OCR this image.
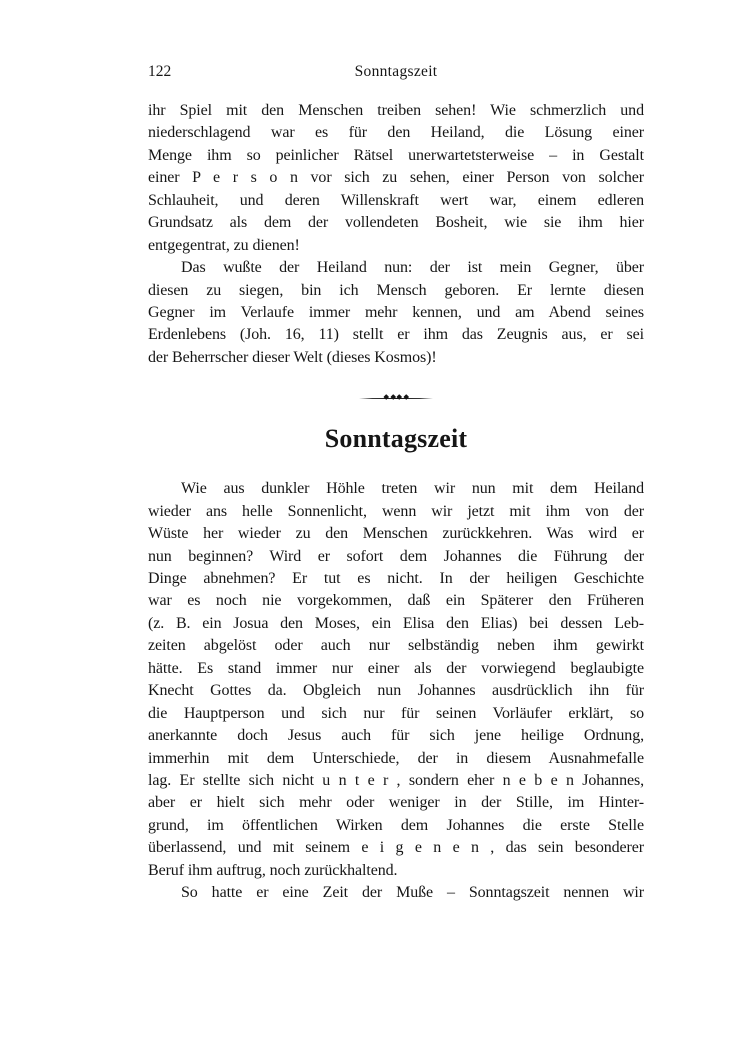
122	Sonntagszeit
ihr Spiel mit den Menschen treiben sehen! Wie schmerzlich und
niederschlagend war es für den Heiland, die Lösung einer
Menge ihm so peinlicher Rätsel unerwartetsterweise – in Gestalt
einer P e r s o n vor sich zu sehen, einer Person von solcher
Schlauheit, und deren Willenskraft wert war, einem edleren
Grundsatz als dem der vollendeten Bosheit, wie sie ihm hier
entgegentrat, zu dienen!
Das wußte der Heiland nun: der ist mein Gegner, über
diesen zu siegen, bin ich Mensch geboren. Er lernte diesen
Gegner im Verlaufe immer mehr kennen, und am Abend seines
Erdenlebens (Joh. 16, 11) stellt er ihm das Zeugnis aus, er sei
der Beherrscher dieser Welt (dieses Kosmos)!
Sonntagszeit
Wie aus dunkler Höhle treten wir nun mit dem Heiland
wieder ans helle Sonnenlicht, wenn wir jetzt mit ihm von der
Wüste her wieder zu den Menschen zurückkehren. Was wird er
nun beginnen? Wird er sofort dem Johannes die Führung der
Dinge abnehmen? Er tut es nicht. In der heiligen Geschichte
war es noch nie vorgekommen, daß ein Späterer den Früheren
(z. B. ein Josua den Moses, ein Elisa den Elias) bei dessen Leb-
zeiten abgelöst oder auch nur selbständig neben ihm gewirkt
hätte. Es stand immer nur einer als der vorwiegend beglaubigte
Knecht Gottes da. Obgleich nun Johannes ausdrücklich ihn für
die Hauptperson und sich nur für seinen Vorläufer erklärt, so
anerkannte doch Jesus auch für sich jene heilige Ordnung,
immerhin mit dem Unterschiede, der in diesem Ausnahmefalle
lag. Er stellte sich nicht u n t e r , sondern eher n e b e n Johannes,
aber er hielt sich mehr oder weniger in der Stille, im Hinter-
grund, im öffentlichen Wirken dem Johannes die erste Stelle
überlassend, und mit seinem e i g e n e n , das sein besonderer
Beruf ihm auftrug, noch zurückhaltend.
So hatte er eine Zeit der Muße – Sonntagszeit nennen wir
